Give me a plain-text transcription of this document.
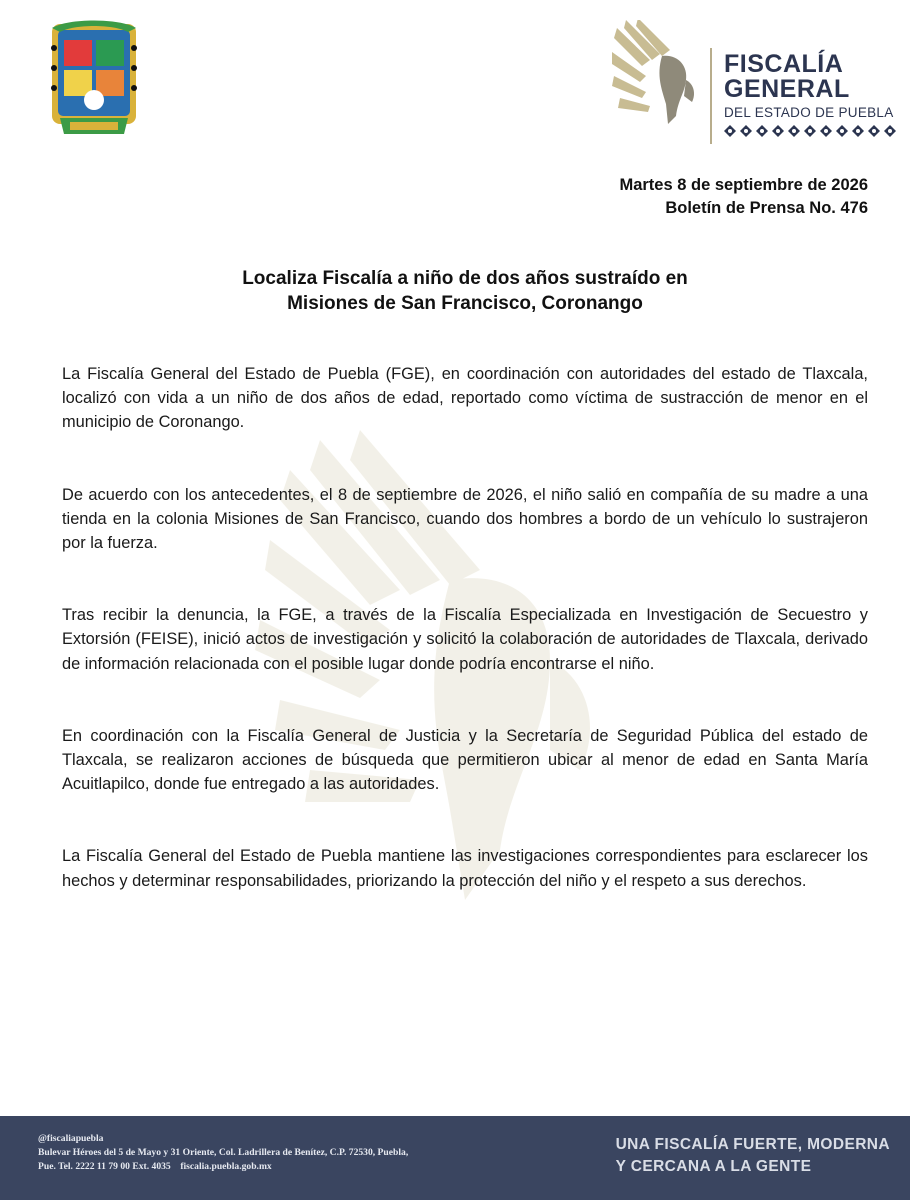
FISCALÍA
GENERAL
DEL ESTADO DE PUEBLA
Martes 8 de septiembre de 2026
Boletín de Prensa No. 476
Localiza Fiscalía a niño de dos años sustraído en
Misiones de San Francisco, Coronango

La Fiscalía General del Estado de Puebla (FGE), en coordinación con autoridades del estado de Tlaxcala, localizó con vida a un niño de dos años de edad, reportado como víctima de sustracción de menor en el municipio de Coronango.

De acuerdo con los antecedentes, el 8 de septiembre de 2026, el niño salió en compañía de su madre a una tienda en la colonia Misiones de San Francisco, cuando dos hombres a bordo de un vehículo lo sustrajeron por la fuerza.

Tras recibir la denuncia, la FGE, a través de la Fiscalía Especializada en Investigación de Secuestro y Extorsión (FEISE), inició actos de investigación y solicitó la colaboración de autoridades de Tlaxcala, derivado de información relacionada con el posible lugar donde podría encontrarse el niño.

En coordinación con la Fiscalía General de Justicia y la Secretaría de Seguridad Pública del estado de Tlaxcala, se realizaron acciones de búsqueda que permitieron ubicar al menor de edad en Santa María Acuitlapilco, donde fue entregado a las autoridades.

La Fiscalía General del Estado de Puebla mantiene las investigaciones correspondientes para esclarecer los hechos y determinar responsabilidades, priorizando la protección del niño y el respeto a sus derechos.

@fiscaliapuebla
Bulevar Héroes del 5 de Mayo y 31 Oriente, Col. Ladrillera de Benítez, C.P. 72530, Puebla,
Pue. Tel. 2222 11 79 00 Ext. 4035    fiscalia.puebla.gob.mx
UNA FISCALÍA FUERTE, MODERNA
Y CERCANA A LA GENTE
